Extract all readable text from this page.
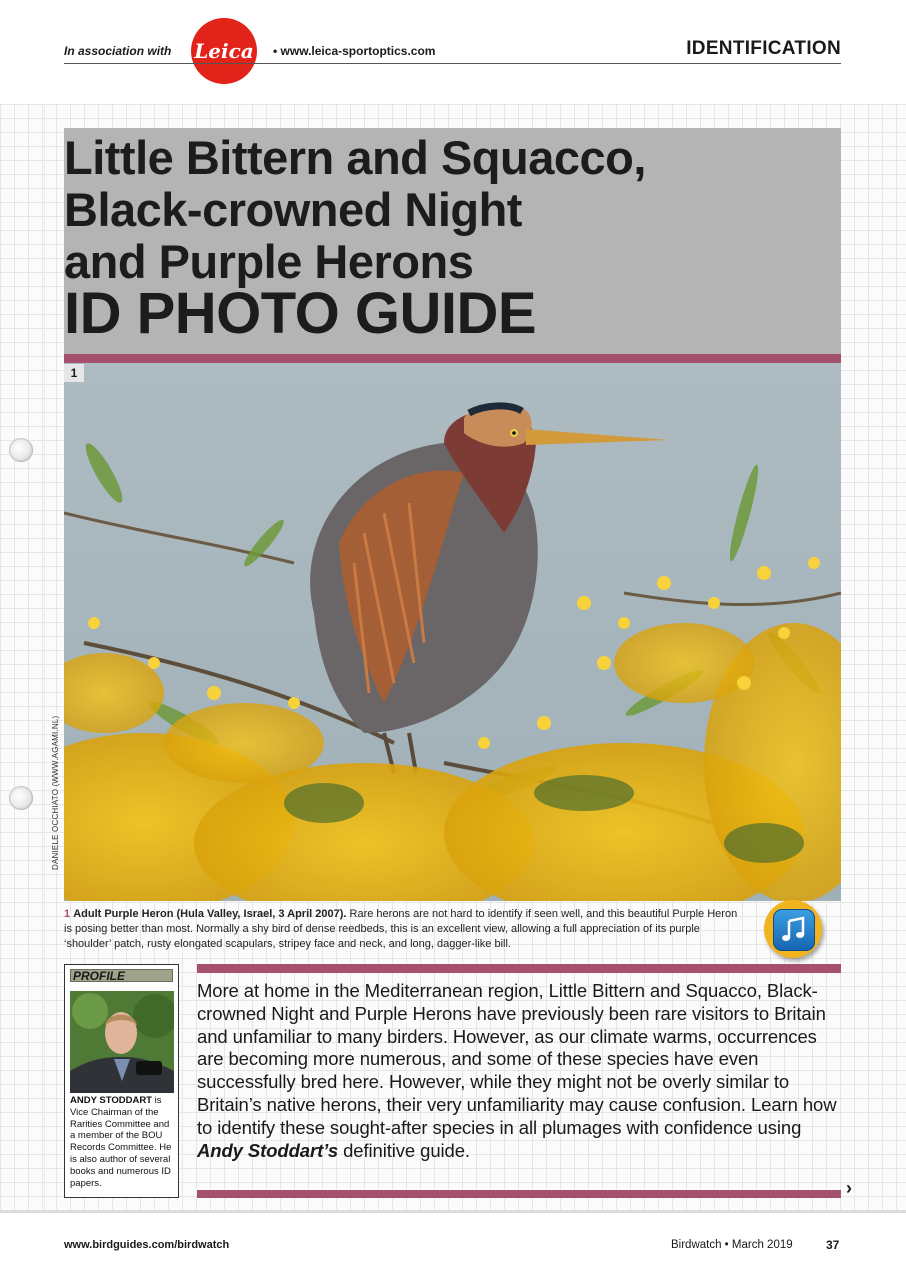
In association with Leica • www.leica-sportoptics.com	IDENTIFICATION
Little Bittern and Squacco,
Black-crowned Night
and Purple Herons
ID PHOTO GUIDE
1
DANIELE OCCHIATO (WWW.AGAMI.NL)

1 Adult Purple Heron (Hula Valley, Israel, 3 April 2007). Rare herons are not hard to identify if seen well, and this beautiful Purple Heron is posing better than most. Normally a shy bird of dense reedbeds, this is an excellent view, allowing a full appreciation of its purple ‘shoulder’ patch, rusty elongated scapulars, stripey face and neck, and long, dagger-like bill.

PROFILE

ANDY STODDART is Vice Chairman of the Rarities Committee and a member of the BOU Records Committee. He is also author of several books and numerous ID papers.

More at home in the Mediterranean region, Little Bittern and Squacco, Black-crowned Night and Purple Herons have previously been rare visitors to Britain and unfamiliar to many birders. However, as our climate warms, occurrences are becoming more numerous, and some of these species have even successfully bred here. However, while they might not be overly similar to Britain’s native herons, their very unfamiliarity may cause confusion. Learn how to identify these sought-after species in all plumages with confidence using Andy Stoddart’s definitive guide.

›
www.birdguides.com/birdwatch	Birdwatch • March 2019	37
